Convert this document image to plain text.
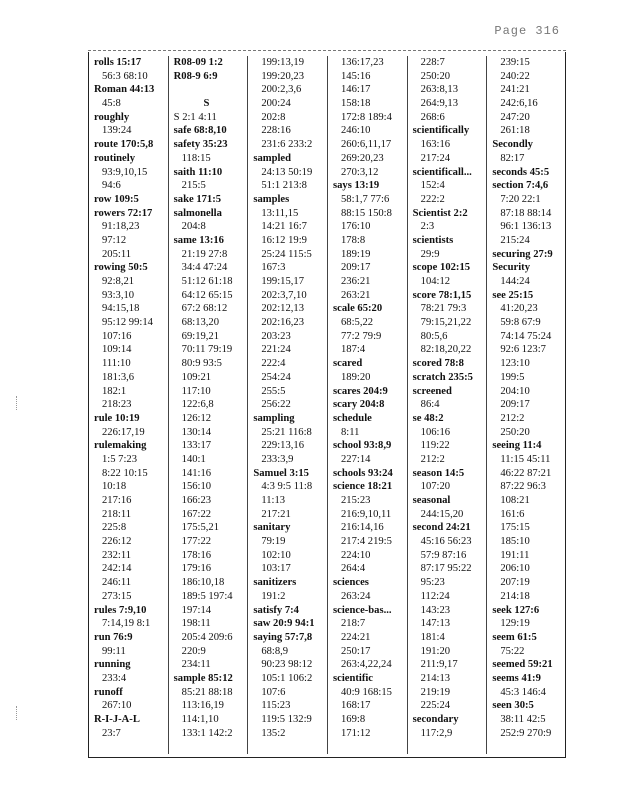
Page 316
rolls 15:17
56:3 68:10
Roman 44:13
45:8
roughly
139:24
route 170:5,8
routinely
93:9,10,15
94:6
row 109:5
rowers 72:17
91:18,23
97:12
205:11
rowing 50:5
92:8,21
93:3,10
94:15,18
95:12 99:14
107:16
109:14
111:10
181:3,6
182:1
218:23
rule 10:19
226:17,19
rulemaking
1:5 7:23
8:22 10:15
10:18
217:16
218:11
225:8
226:12
232:11
242:14
246:11
273:15
rules 7:9,10
7:14,19 8:1
run 76:9
99:11
running
233:4
runoff
267:10
R-I-J-A-L
23:7
R08-09 1:2
R08-9 6:9
S
S 2:1 4:11
safe 68:8,10
safety 35:23
118:15
saith 11:10
215:5
sake 171:5
salmonella
204:8
same 13:16
21:19 27:8
34:4 47:24
51:12 61:18
64:12 65:15
67:2 68:12
68:13,20
69:19,21
70:11 79:19
80:9 93:5
109:21
117:10
122:6,8
126:12
130:14
133:17
140:1
141:16
156:10
166:23
167:22
175:5,21
177:22
178:16
179:16
186:10,18
189:5 197:4
197:14
198:11
205:4 209:6
220:9
234:11
sample 85:12
85:21 88:18
113:16,19
114:1,10
133:1 142:2
199:13,19
199:20,23
200:2,3,6
200:24
202:8
228:16
231:6 233:2
sampled
24:13 50:19
51:1 213:8
samples
13:11,15
14:21 16:7
16:12 19:9
25:24 115:5
167:3
199:15,17
202:3,7,10
202:12,13
202:16,23
203:23
221:24
222:4
254:24
255:5
256:22
sampling
25:21 116:8
229:13,16
233:3,9
Samuel 3:15
4:3 9:5 11:8
11:13
217:21
sanitary
79:19
102:10
103:17
sanitizers
191:2
satisfy 7:4
saw 20:9 94:1
saying 57:7,8
68:8,9
90:23 98:12
105:1 106:2
107:6
115:23
119:5 132:9
135:2
136:17,23
145:16
146:17
158:18
172:8 189:4
246:10
260:6,11,17
269:20,23
270:3,12
says 13:19
58:1,7 77:6
88:15 150:8
176:10
178:8
189:19
209:17
236:21
263:21
scale 65:20
68:5,22
77:2 79:9
187:4
scared
189:20
scares 204:9
scary 204:8
schedule
8:11
school 93:8,9
227:14
schools 93:24
science 18:21
215:23
216:9,10,11
216:14,16
217:4 219:5
224:10
264:4
sciences
263:24
science-bas...
218:7
224:21
250:17
263:4,22,24
scientific
40:9 168:15
168:17
169:8
171:12
228:7
250:20
263:8,13
264:9,13
268:6
scientifically
163:16
217:24
scientificall...
152:4
222:2
Scientist 2:2
2:3
scientists
29:9
scope 102:15
104:12
score 78:1,15
78:21 79:3
79:15,21,22
80:5,6
82:18,20,22
scored 78:8
scratch 235:5
screened
86:4
se 48:2
106:16
119:22
212:2
season 14:5
107:20
seasonal
244:15,20
second 24:21
45:16 56:23
57:9 87:16
87:17 95:22
95:23
112:24
143:23
147:13
181:4
191:20
211:9,17
214:13
219:19
225:24
secondary
117:2,9
239:15
240:22
241:21
242:6,16
247:20
261:18
Secondly
82:17
seconds 45:5
section 7:4,6
7:20 22:1
87:18 88:14
96:1 136:13
215:24
securing 27:9
Security
144:24
see 25:15
41:20,23
59:8 67:9
74:14 75:24
92:6 123:7
123:10
199:5
204:10
209:17
212:2
250:20
seeing 11:4
11:15 45:11
46:22 87:21
87:22 96:3
108:21
161:6
175:15
185:10
191:11
206:10
207:19
214:18
seek 127:6
129:19
seem 61:5
75:22
seemed 59:21
seems 41:9
45:3 146:4
seen 30:5
38:11 42:5
252:9 270:9
